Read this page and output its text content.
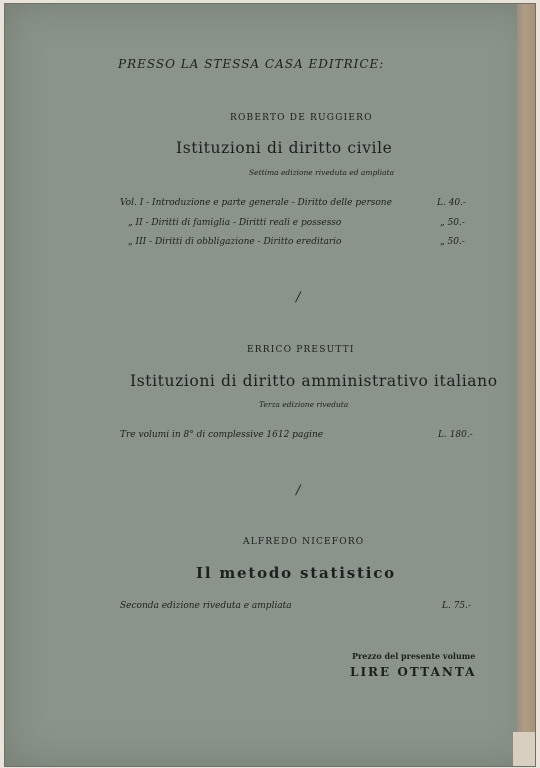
PRESSO LA STESSA CASA EDITRICE:
ROBERTO DE RUGGIERO
Istituzioni di diritto civile
Settima edizione riveduta ed ampliata
Vol. I - Introduzione e parte generale - Diritto delle persone	L. 40.-
„ II - Diritti di famiglia - Diritti reali e possesso	„ 50.-
„ III - Diritti di obbligazione - Diritto ereditario	„ 50.-
/
ERRICO PRESUTTI
Istituzioni di diritto amministrativo italiano
Terza edizione riveduta
Tre volumi in 8° di complessive 1612 pagine	L. 180.-
/
ALFREDO NICEFORO
Il metodo statistico
Seconda edizione riveduta e ampliata	L. 75.-
Prezzo del presente volume
LIRE OTTANTA
